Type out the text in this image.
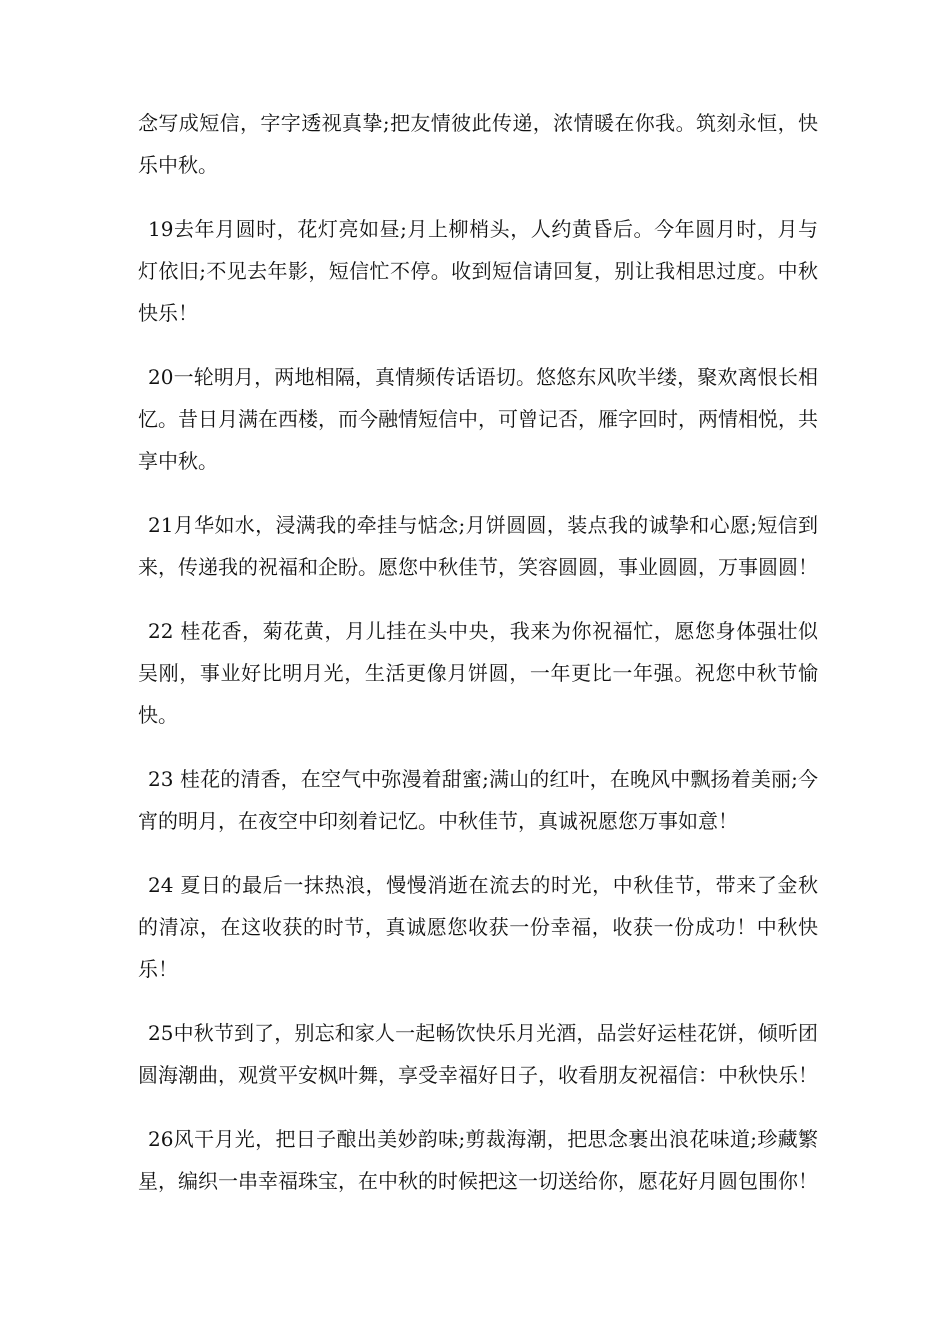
念写成短信，字字透视真挚;把友情彼此传递，浓情暖在你我。筑刻永恒，快乐中秋。

19去年月圆时，花灯亮如昼;月上柳梢头，人约黄昏后。今年圆月时，月与灯依旧;不见去年影，短信忙不停。收到短信请回复，别让我相思过度。中秋快乐！

20一轮明月，两地相隔，真情频传话语切。悠悠东风吹半缕，聚欢离恨长相忆。昔日月满在西楼，而今融情短信中，可曾记否，雁字回时，两情相悦，共享中秋。

21月华如水，浸满我的牵挂与惦念;月饼圆圆，装点我的诚挚和心愿;短信到来，传递我的祝福和企盼。愿您中秋佳节，笑容圆圆，事业圆圆，万事圆圆！

22 桂花香，菊花黄，月儿挂在头中央，我来为你祝福忙，愿您身体强壮似吴刚，事业好比明月光，生活更像月饼圆，一年更比一年强。祝您中秋节愉快。

23 桂花的清香，在空气中弥漫着甜蜜;满山的红叶，在晚风中飘扬着美丽;今宵的明月，在夜空中印刻着记忆。中秋佳节，真诚祝愿您万事如意！

24 夏日的最后一抹热浪，慢慢消逝在流去的时光，中秋佳节，带来了金秋的清凉，在这收获的时节，真诚愿您收获一份幸福，收获一份成功！中秋快乐！

25中秋节到了，别忘和家人一起畅饮快乐月光酒，品尝好运桂花饼，倾听团圆海潮曲，观赏平安枫叶舞，享受幸福好日子，收看朋友祝福信：中秋快乐！

26风干月光，把日子酿出美妙韵味;剪裁海潮，把思念裹出浪花味道;珍藏繁星，编织一串幸福珠宝，在中秋的时候把这一切送给你，愿花好月圆包围你！
